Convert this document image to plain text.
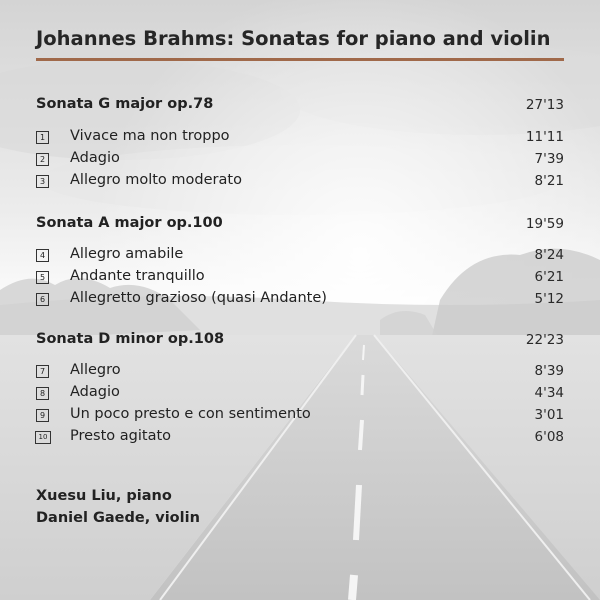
Johannes Brahms: Sonatas for piano and violin
Sonata G major op.78	27'13
1 Vivace ma non troppo	11'11
2 Adagio	7'39
3 Allegro molto moderato	8'21
Sonata A major op.100	19'59
4 Allegro amabile	8'24
5 Andante tranquillo	6'21
6 Allegretto grazioso (quasi Andante)	5'12
Sonata D minor op.108	22'23
7 Allegro	8'39
8 Adagio	4'34
9 Un poco presto e con sentimento	3'01
10 Presto agitato	6'08
Xuesu Liu, piano
Daniel Gaede, violin
